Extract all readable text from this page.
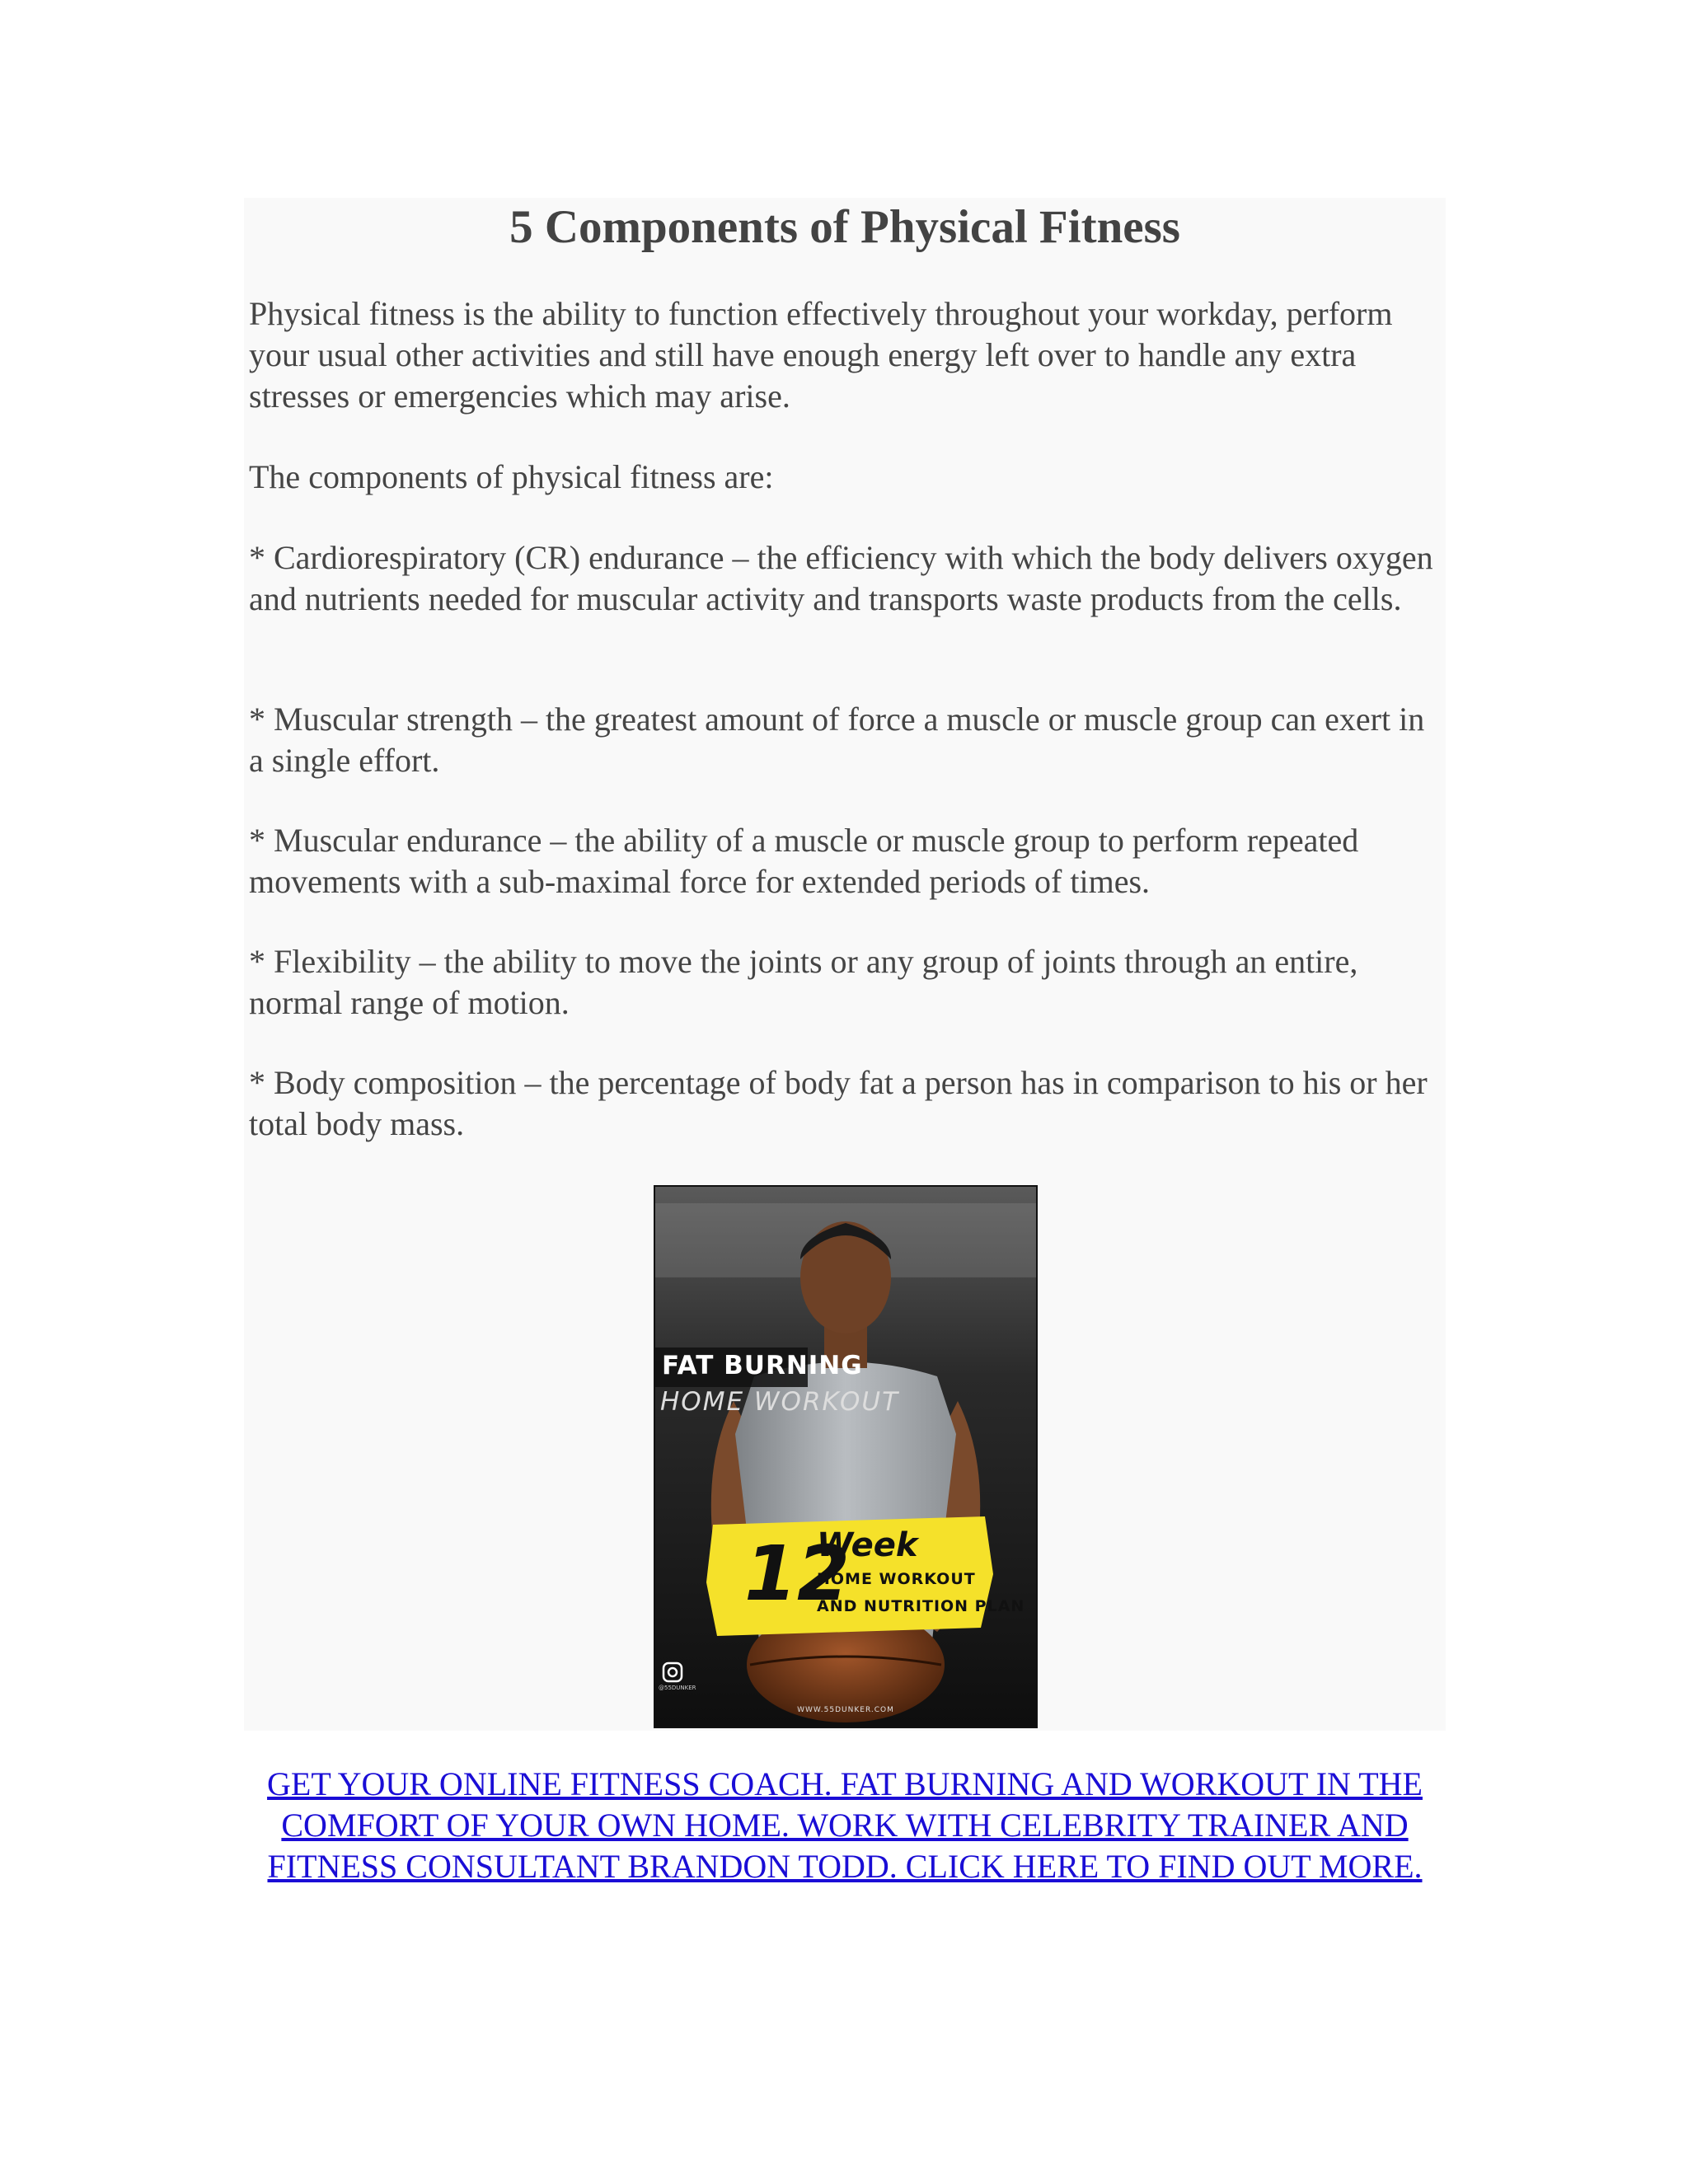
5 Components of Physical Fitness

Physical fitness is the ability to function effectively throughout your workday, perform your usual other activities and still have enough energy left over to handle any extra stresses or emergencies which may arise.

The components of physical fitness are:

* Cardiorespiratory (CR) endurance – the efficiency with which the body delivers oxygen and nutrients needed for muscular activity and transports waste products from the cells.

* Muscular strength – the greatest amount of force a muscle or muscle group can exert in a single effort.

* Muscular endurance – the ability of a muscle or muscle group to perform repeated movements with a sub-maximal force for extended periods of times.

* Flexibility – the ability to move the joints or any group of joints through an entire, normal range of motion.

* Body composition – the percentage of body fat a person has in comparison to his or her total body mass.

FAT BURNING
HOME WORKOUT
12
Week
HOME WORKOUT
AND NUTRITION PLAN
@55DUNKER
WWW.55DUNKER.COM

GET YOUR ONLINE FITNESS COACH. FAT BURNING AND WORKOUT IN THE COMFORT OF YOUR OWN HOME. WORK WITH CELEBRITY TRAINER AND FITNESS CONSULTANT BRANDON TODD. CLICK HERE TO FIND OUT MORE.
